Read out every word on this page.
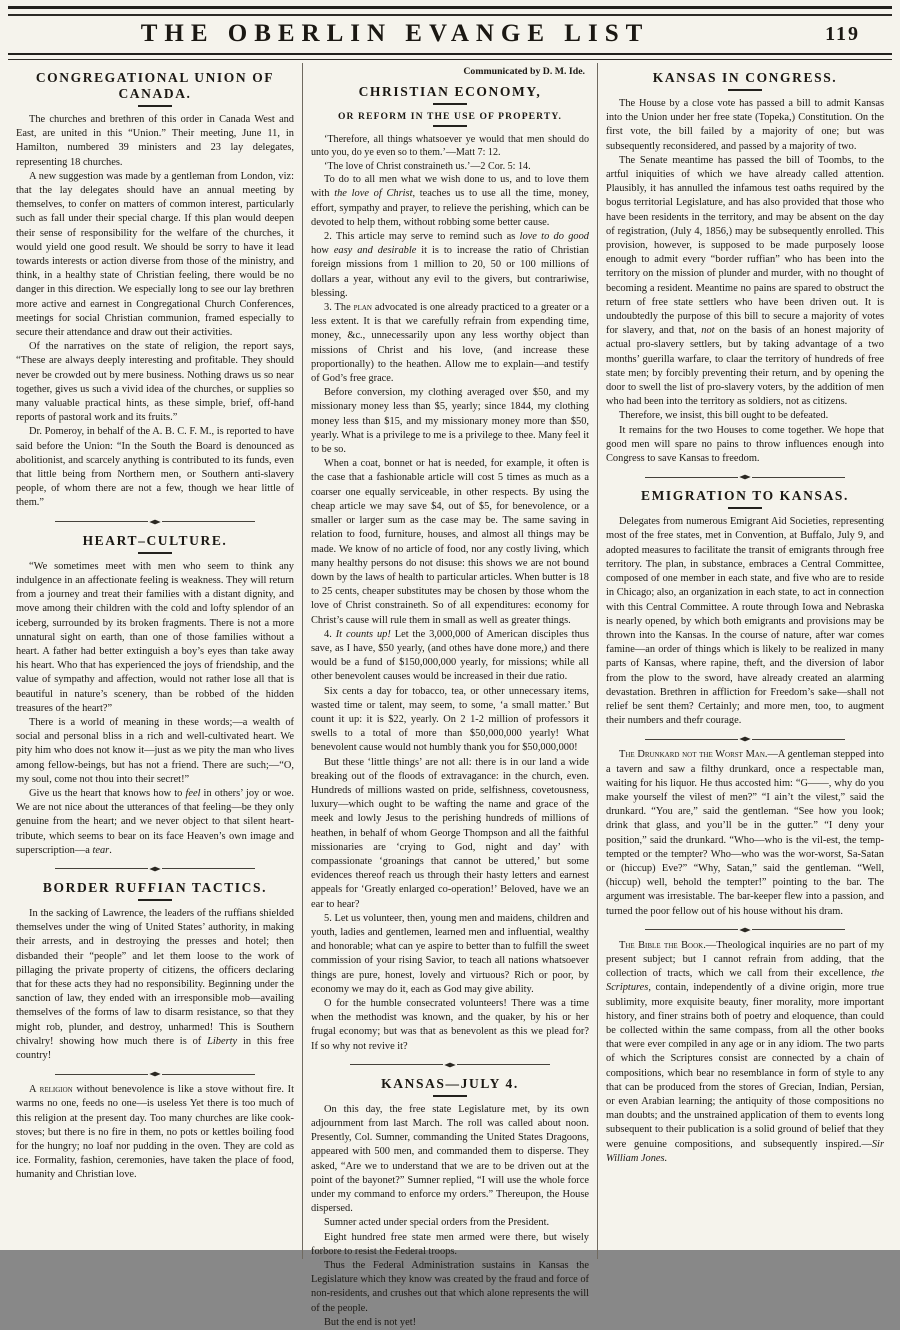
THE OBERLIN EVANGE LIST	119
CONGREGATIONAL UNION OF CANADA.

The churches and brethren of this order in Canada West and East, are united in this “Union.” Their meeting, June 11, in Hamilton, numbered 39 ministers and 23 lay delegates, representing 18 churches.

A new suggestion was made by a gentleman from London, viz: that the lay delegates should have an annual meeting by themselves, to confer on matters of common interest, particularly such as fall under their special charge. If this plan would deepen their sense of responsibility for the welfare of the churches, it would yield one good result. We should be sorry to have it lead towards interests or action diverse from those of the ministry, and think, in a healthy state of Christian feeling, there would be no danger in this direction. We especially long to see our lay brethren more active and earnest in Congregational Church Conferences, meetings for social Christian communion, framed especially to secure their attendance and draw out their activities.

Of the narratives on the state of religion, the report says, “These are always deeply interesting and profitable. They should never be crowded out by mere business. Nothing draws us so near together, gives us such a vivid idea of the churches, or supplies so many valuable practical hints, as these simple, brief, off-hand reports of pastoral work and its fruits.”

Dr. Pomeroy, in behalf of the A. B. C. F. M., is reported to have said before the Union: “In the South the Board is denounced as abolitionist, and scarcely anything is contributed to its funds, even that little being from Northern men, or Southern anti-slavery people, of whom there are not a few, though we hear little of them.”

HEART–CULTURE.

“We sometimes meet with men who seem to think any indulgence in an affectionate feeling is weakness. They will return from a journey and treat their families with a distant dignity, and move among their children with the cold and lofty splendor of an iceberg, surrounded by its broken fragments. There is not a more unnatural sight on earth, than one of those families without a heart. A father had better extinguish a boy’s eyes than take away his heart. Who that has experienced the joys of friendship, and the value of sympathy and affection, would not rather lose all that is beautiful in nature’s scenery, than be robbed of the hidden treasures of the heart?”

There is a world of meaning in these words;—a wealth of social and personal bliss in a rich and well-cultivated heart. We pity him who does not know it—just as we pity the man who lives among fellow-beings, but has not a friend. There are such;—“O, my soul, come not thou into their secret!”

Give us the heart that knows how to feel in others’ joy or woe. We are not nice about the utterances of that feeling—be they only genuine from the heart; and we never object to that silent heart-tribute, which seems to bear on its face Heaven’s own image and superscription—a tear.

BORDER RUFFIAN TACTICS.

In the sacking of Lawrence, the leaders of the ruffians shielded themselves under the wing of United States’ authority, in making their arrests, and in destroying the presses and hotel; then disbanded their “people” and let them loose to the work of pillaging the private property of citizens, the officers declaring that for these acts they had no responsibility. Beginning under the sanction of law, they ended with an irresponsible mob—availing themselves of the forms of law to disarm resistance, so that they might rob, plunder, and destroy, unharmed! This is Southern chivalry! showing how much there is of Liberty in this free country!

A religion without benevolence is like a stove without fire. It warms no one, feeds no one—is useless Yet there is too much of this religion at the present day. Too many churches are like cook-stoves; but there is no fire in them, no pots or kettles boiling food for the hungry; no loaf nor pudding in the oven. They are cold as ice. Formality, fashion, ceremonies, have taken the place of food, humanity and Christian love.

Communicated by D. M. Ide.
CHRISTIAN ECONOMY,
OR REFORM IN THE USE OF PROPERTY.

‘Therefore, all things whatsoever ye would that men should do unto you, do ye even so to them.’—Matt 7: 12.

‘The love of Christ constraineth us.’—2 Cor. 5: 14.

To do to all men what we wish done to us, and to love them with the love of Christ, teaches us to use all the time, money, effort, sympathy and prayer, to relieve the perishing, which can be devoted to help them, without robbing some better cause.

2. This article may serve to remind such as love to do good how easy and desirable it is to increase the ratio of Christian foreign missions from 1 million to 20, 50 or 100 millions of dollars a year, without any evil to the givers, but contrariwise, blessing.

3. The plan advocated is one already practiced to a greater or a less extent. It is that we carefully refrain from expending time, money, &c., unnecessarily upon any less worthy object than missions of Christ and his love, (and increase these proportionally) to the heathen. Allow me to explain—and testify of God’s free grace.

Before conversion, my clothing averaged over $50, and my missionary money less than $5, yearly; since 1844, my clothing money less than $15, and my missionary money more than $50, yearly. What is a privilege to me is a privilege to thee. Many feel it to be so.

When a coat, bonnet or hat is needed, for example, it often is the case that a fashionable article will cost 5 times as much as a coarser one equally serviceable, in other respects. By using the cheap article we may save $4, out of $5, for benevolence, or a smaller or larger sum as the case may be. The same saving in relation to food, furniture, houses, and almost all things may be made. We know of no article of food, nor any costly living, which many healthy persons do not disuse: this shows we are not bound down by the laws of health to particular articles. When butter is 18 to 25 cents, cheaper substitutes may be chosen by those whom the love of Christ constraineth. So of all expenditures: economy for Christ’s cause will rule them in small as well as greater things.

4. It counts up! Let the 3,000,000 of American disciples thus save, as I have, $50 yearly, (and othes have done more,) and there would be a fund of $150,000,000 yearly, for missions; while all other benevolent causes would be increased in their due ratio.

Six cents a day for tobacco, tea, or other unnecessary items, wasted time or talent, may seem, to some, ‘a small matter.’ But count it up: it is $22, yearly. On 2 1-2 million of professors it swells to a total of more than $50,000,000 yearly! What benevolent cause would not humbly thank you for $50,000,000!

But these ‘little things’ are not all: there is in our land a wide breaking out of the floods of extravagance: in the church, even. Hundreds of millions wasted on pride, selfishness, covetousness, luxury—which ought to be wafting the name and grace of the meek and lowly Jesus to the perishing hundreds of millions of heathen, in behalf of whom George Thompson and all the faithful missionaries are ‘crying to God, night and day’ with compassionate ‘groanings that cannot be uttered,’ but some evidences thereof reach us through their hasty letters and earnest appeals for ‘Greatly enlarged co-operation!’ Beloved, have we an ear to hear?

5. Let us volunteer, then, young men and maidens, children and youth, ladies and gentlemen, learned men and influential, wealthy and honorable; what can ye aspire to better than to fulfill the sweet commission of your rising Savior, to teach all nations whatsoever things are pure, honest, lovely and virtuous? Rich or poor, by economy we may do it, each as God may give ability.

O for the humble consecrated volunteers! There was a time when the methodist was known, and the quaker, by his or her frugal economy; but was that as benevolent as this we plead for? If so why not revive it?

KANSAS—JULY 4.

On this day, the free state Legislature met, by its own adjournment from last March. The roll was called about noon. Presently, Col. Sumner, commanding the United States Dragoons, appeared with 500 men, and commanded them to disperse. They asked, “Are we to understand that we are to be driven out at the point of the bayonet?” Sumner replied, “I will use the whole force under my command to enforce my orders.” Thereupon, the House dispersed.

Sumner acted under special orders from the President.

Eight hundred free state men armed were there, but wisely forbore to resist the Federal troops.

Thus the Federal Administration sustains in Kansas the Legislature which they know was created by the fraud and force of non-residents, and crushes out that which alone represents the will of the people.

But the end is not yet!

KANSAS IN CONGRESS.

The House by a close vote has passed a bill to admit Kansas into the Union under her free state (Topeka,) Constitution. On the first vote, the bill failed by a majority of one; but was subsequently reconsidered, and passed by a majority of two.

The Senate meantime has passed the bill of Toombs, to the artful iniquities of which we have already called attention. Plausibly, it has annulled the infamous test oaths required by the bogus territorial Legislature, and has also provided that those who have been residents in the territory, and may be absent on the day of registration, (July 4, 1856,) may be subsequently enrolled. This provision, however, is supposed to be made purposely loose enough to admit every “border ruffian” who has been into the territory on the mission of plunder and murder, with no thought of becoming a resident. Meantime no pains are spared to obstruct the return of free state settlers who have been driven out. It is undoubtedly the purpose of this bill to secure a majority of votes for slavery, and that, not on the basis of an honest majority of actual pro-slavery settlers, but by taking advantage of a two months’ guerilla warfare, to claar the territory of hundreds of free state men; by forcibly preventing their return, and by opening the door to swell the list of pro-slavery voters, by the addition of men who had been into the territory as soldiers, not as citizens.

Therefore, we insist, this bill ought to be defeated.

It remains for the two Houses to come together. We hope that good men will spare no pains to throw influences enough into Congress to save Kansas to freedom.

EMIGRATION TO KANSAS.

Delegates from numerous Emigrant Aid Societies, representing most of the free states, met in Convention, at Buffalo, July 9, and adopted measures to facilitate the transit of emigrants through free territory. The plan, in substance, embraces a Central Committee, composed of one member in each state, and five who are to reside in Chicago; also, an organization in each state, to act in connection with this Central Committee. A route through Iowa and Nebraska is nearly opened, by which both emigrants and provisions may be thrown into the Kansas. In the course of nature, after war comes famine—an order of things which is likely to be realized in many parts of Kansas, where rapine, theft, and the diversion of labor from the plow to the sword, have already created an alarming devastation. Brethren in affliction for Freedom’s sake—shall not relief be sent them? Certainly; and more men, too, to augment their numbers and thefr courage.

The Drunkard not the Worst Man.—A gentleman stepped into a tavern and saw a filthy drunkard, once a respectable man, waiting for his liquor. He thus accosted him: “G——, why do you make yourself the vilest of men?” “I ain’t the vilest,” said the drunkard. “You are,” said the gentleman. “See how you look; drink that glass, and you’ll be in the gutter.” “I deny your position,” said the drunkard. “Who—who is the vil-est, the temp-tempted or the tempter? Who—who was the wor-worst, Sa-Satan or (hiccup) Eve?” “Why, Satan,” said the gentleman. “Well, (hiccup) well, behold the tempter!” pointing to the bar. The argument was irresistable. The bar-keeper flew into a passion, and turned the poor fellow out of his house without his dram.

The Bible the Book.—Theological inquiries are no part of my present subject; but I cannot refrain from adding, that the collection of tracts, which we call from their excellence, the Scriptures, contain, independently of a divine origin, more true sublimity, more exquisite beauty, finer morality, more important history, and finer strains both of poetry and eloquence, than could be collected within the same compass, from all the other books that were ever compiled in any age or in any idiom. The two parts of which the Scriptures consist are connected by a chain of compositions, which bear no resemblance in form of style to any that can be produced from the stores of Grecian, Indian, Persian, or even Arabian learning; the antiquity of those compositions no man doubts; and the unstrained application of them to events long subsequent to their publication is a solid ground of belief that they were genuine compositions, and subsequently inspired.—Sir William Jones.
